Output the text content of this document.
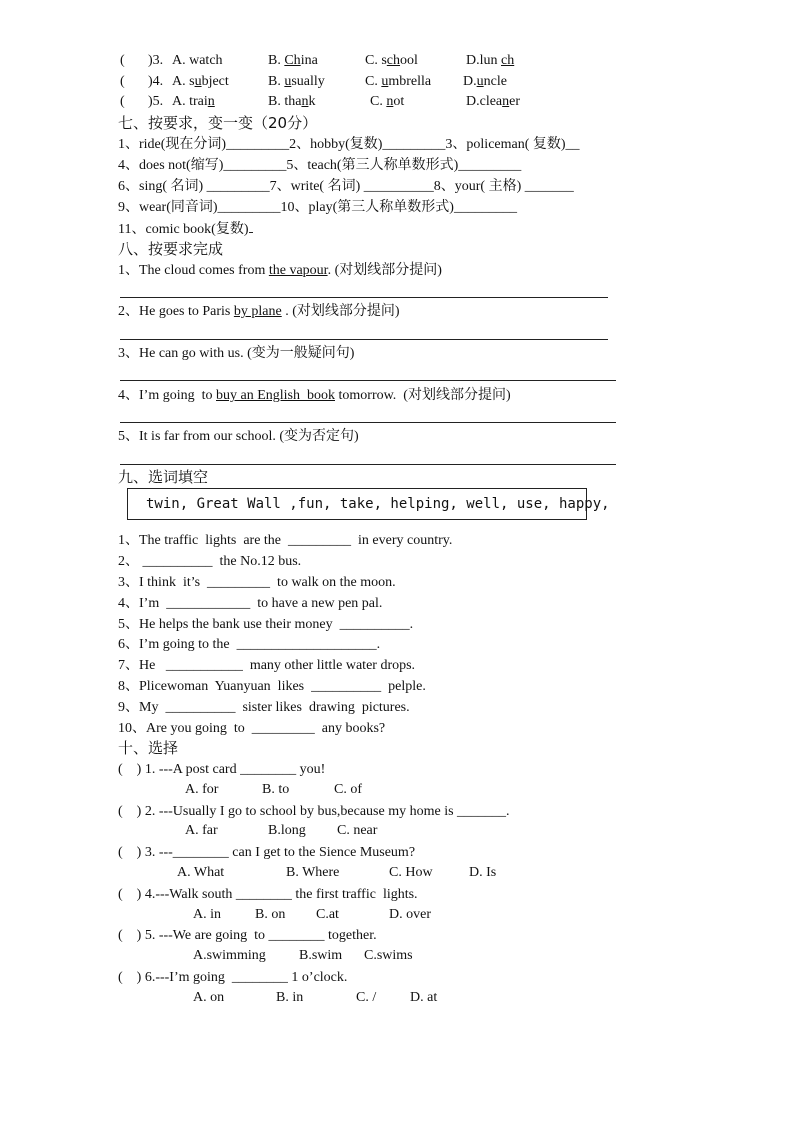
( )3. A. watch	B. China	C. school	D.lun ch
( )4. A. subject	B. usually	C. umbrella D.uncle
( )5. A. train	B. thank	C. not	D.cleaner
七、按要求，变一变（20分）
1、ride(现在分词)_________2、hobby(复数)_________3、policeman( 复数)__
4、does not(缩写)_________5、teach(第三人称单数形式)_________
6、sing( 名词) _________7、write( 名词) __________8、your( 主格) _______
9、wear(同音词)_________10、play(第三人称单数形式)_________
11、comic book(复数)
八、按要求完成
1、The cloud comes from the vapour. (对划线部分提问)
2、He goes to Paris by plane . (对划线部分提问)
3、He can go with us. (变为一般疑问句)
4、I’m going  to buy an English  book tomorrow.  (对划线部分提问)
5、It is far from our school. (变为否定句)
九、选词填空
twin, Great Wall ,fun, take, helping, well, use, happy,
1、The traffic  lights  are the  _________  in every country.
2、 __________  the No.12 bus.
3、I think  it’s  _________  to walk on the moon.
4、I’m  ____________  to have a new pen pal.
5、He helps the bank use their money  __________.
6、I’m going to the  ____________________.
7、He   ___________  many other little water drops.
8、Plicewoman  Yuanyuan  likes  __________  pelple.
9、My  __________  sister likes  drawing  pictures.
10、Are you going  to  _________  any books?
十、选择
(    ) 1. ---A post card ________ you!
A. for	B. to	C. of
(    ) 2. ---Usually I go to school by bus,because my home is _______.
A. far	B.long C. near
(    ) 3. ---________ can I get to the Sience Museum?
A. What	B. Where	C. How	D. Is
(    ) 4.---Walk south ________ the first traffic  lights.
A. in B. on C.at	D. over
(    ) 5. ---We are going  to ________ together.
A.swimming B.swim C.swims
(    ) 6.---I’m going  ________ 1 o’clock.
A. on	B. in	C. / D. at
